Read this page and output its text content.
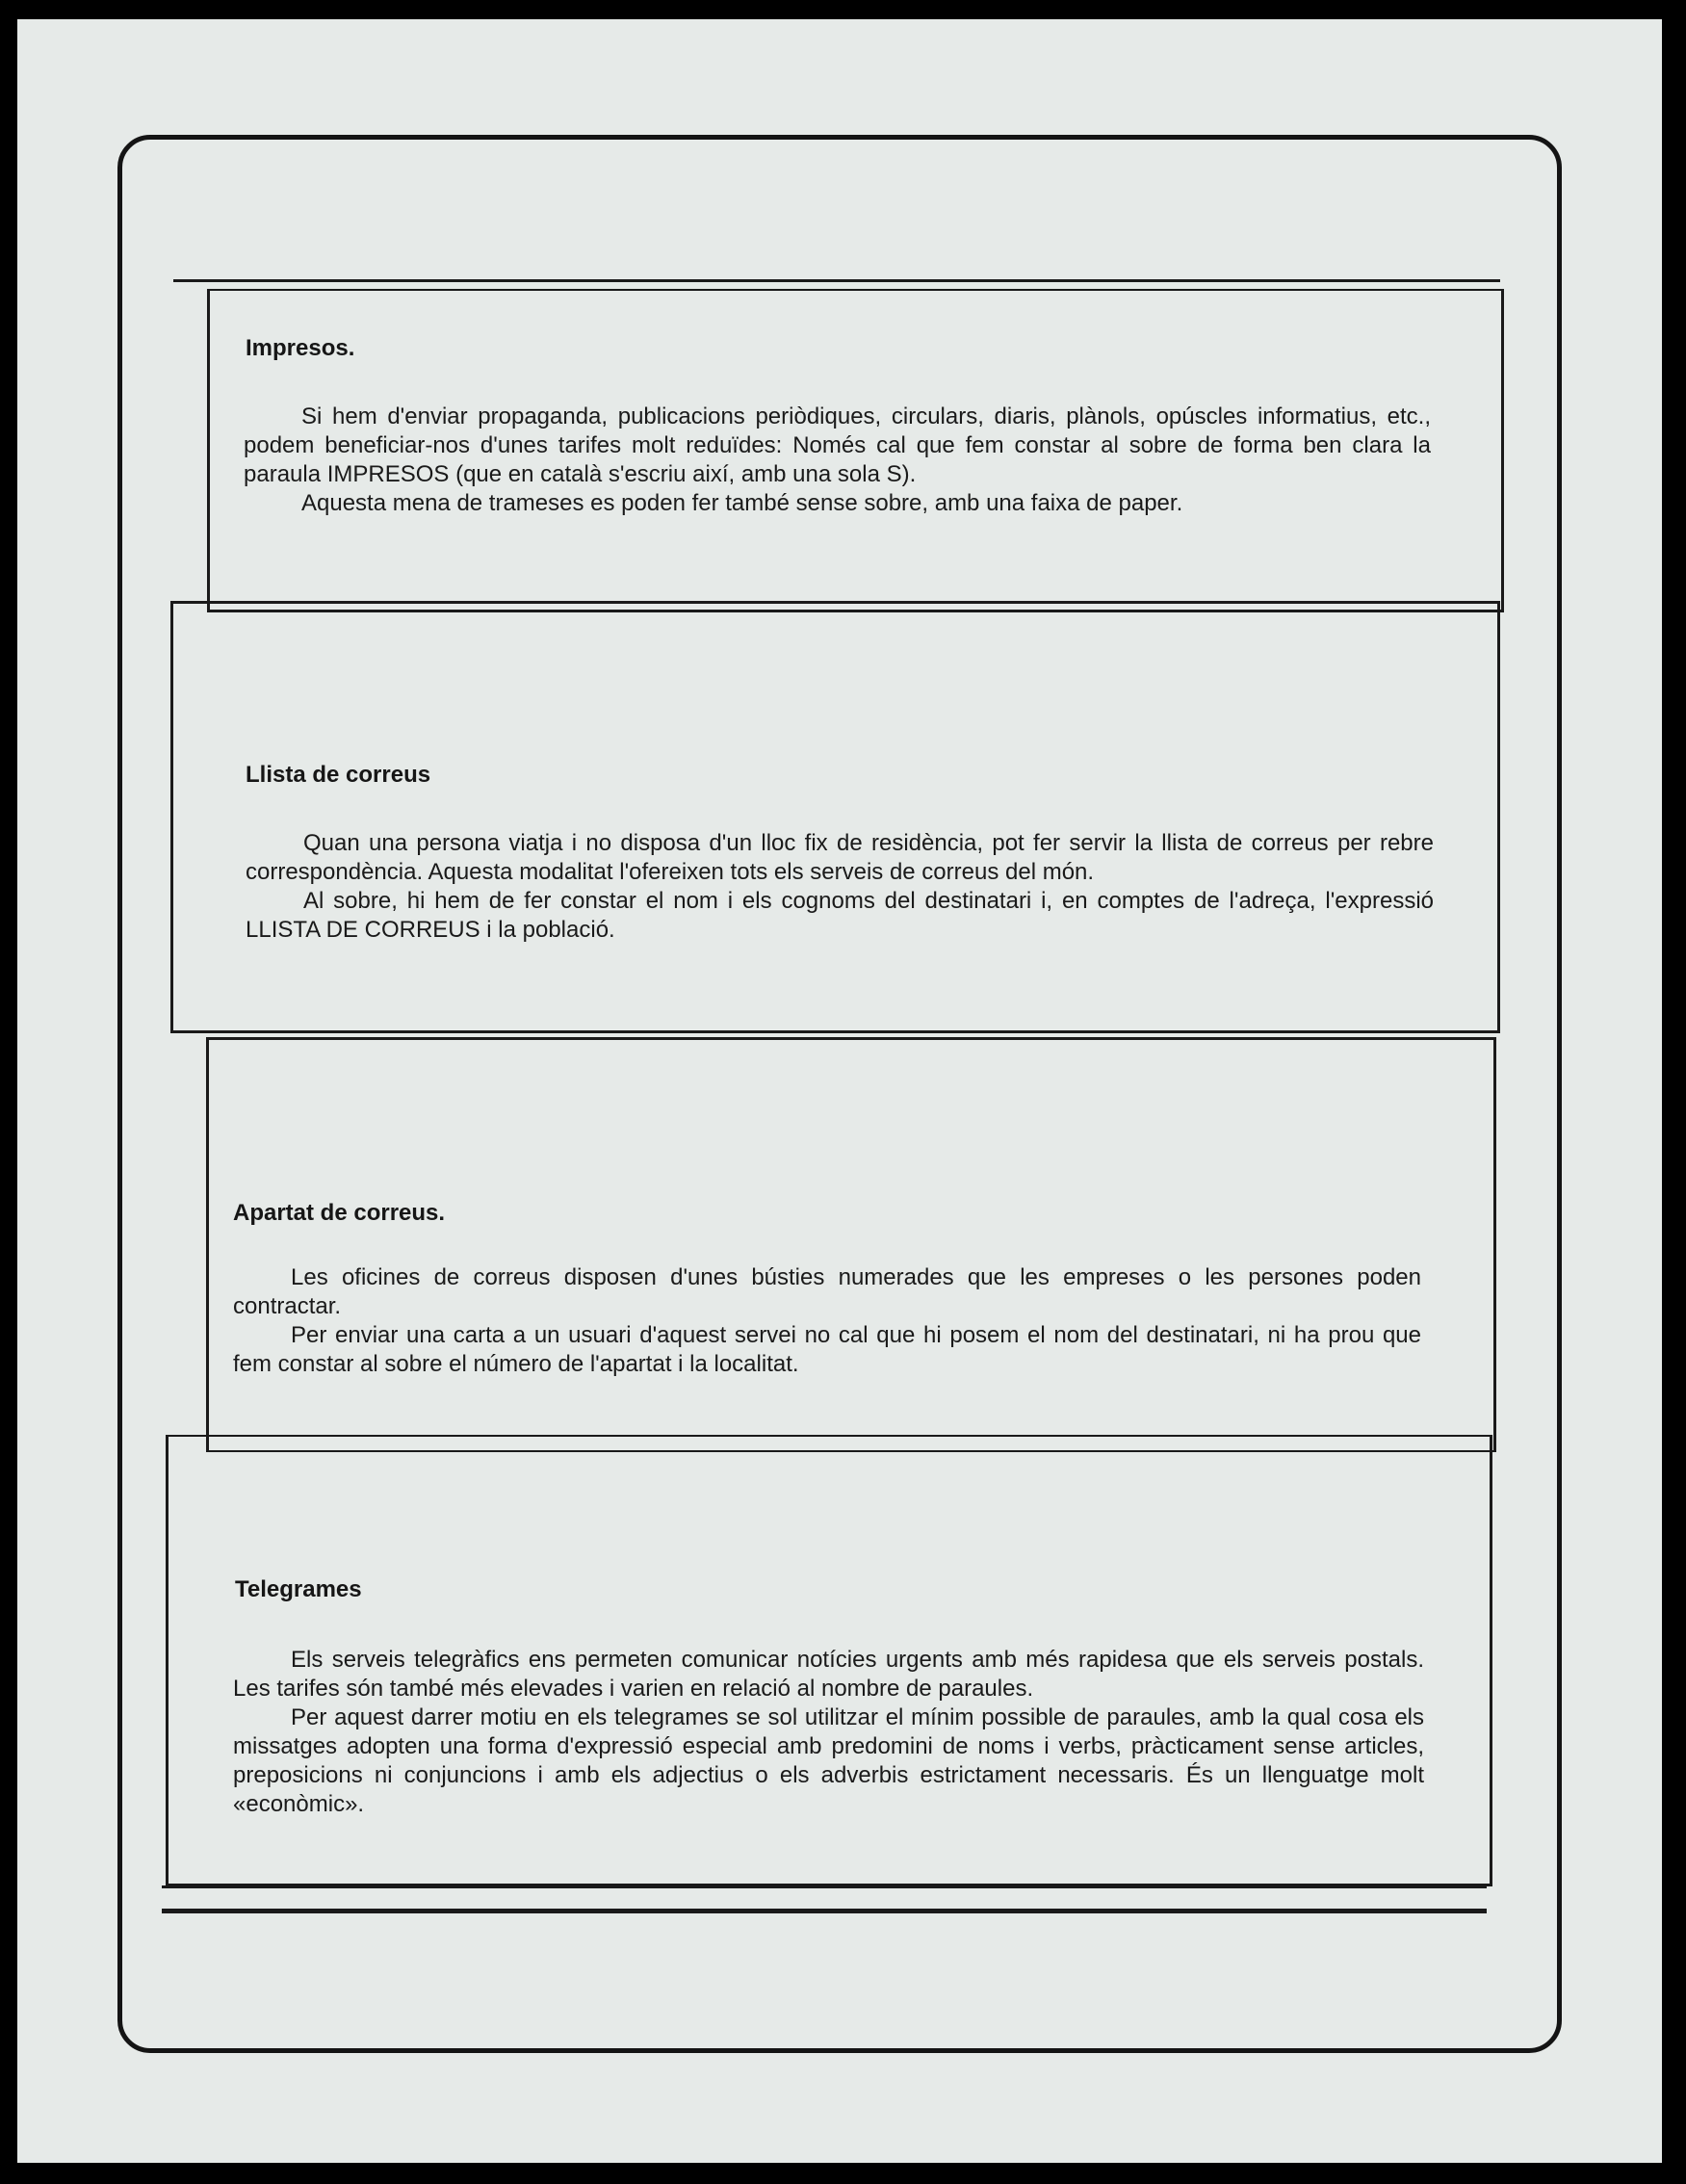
Impresos.

Si hem d'enviar propaganda, publicacions periòdiques, circulars, diaris, plànols, opúscles informatius, etc., podem beneficiar-nos d'unes tarifes molt reduïdes: Només cal que fem constar al sobre de forma ben clara la paraula IMPRESOS (que en català s'escriu així, amb una sola S).

Aquesta mena de trameses es poden fer també sense sobre, amb una faixa de paper.

Llista de correus

Quan una persona viatja i no disposa d'un lloc fix de residència, pot fer servir la llista de correus per rebre correspondència. Aquesta modalitat l'ofereixen tots els serveis de correus del món.

Al sobre, hi hem de fer constar el nom i els cognoms del destinatari i, en comptes de l'adreça, l'expressió LLISTA DE CORREUS i la població.

Apartat de correus.

Les oficines de correus disposen d'unes bústies numerades que les empreses o les persones poden contractar.

Per enviar una carta a un usuari d'aquest servei no cal que hi posem el nom del destinatari, ni ha prou que fem constar al sobre el número de l'apartat i la localitat.

Telegrames

Els serveis telegràfics ens permeten comunicar notícies urgents amb més rapidesa que els serveis postals. Les tarifes són també més elevades i varien en relació al nombre de paraules.

Per aquest darrer motiu en els telegrames se sol utilitzar el mínim possible de paraules, amb la qual cosa els missatges adopten una forma d'expressió especial amb predomini de noms i verbs, pràcticament sense articles, preposicions ni conjuncions i amb els adjectius o els adverbis estrictament necessaris. És un llenguatge molt «econòmic».
